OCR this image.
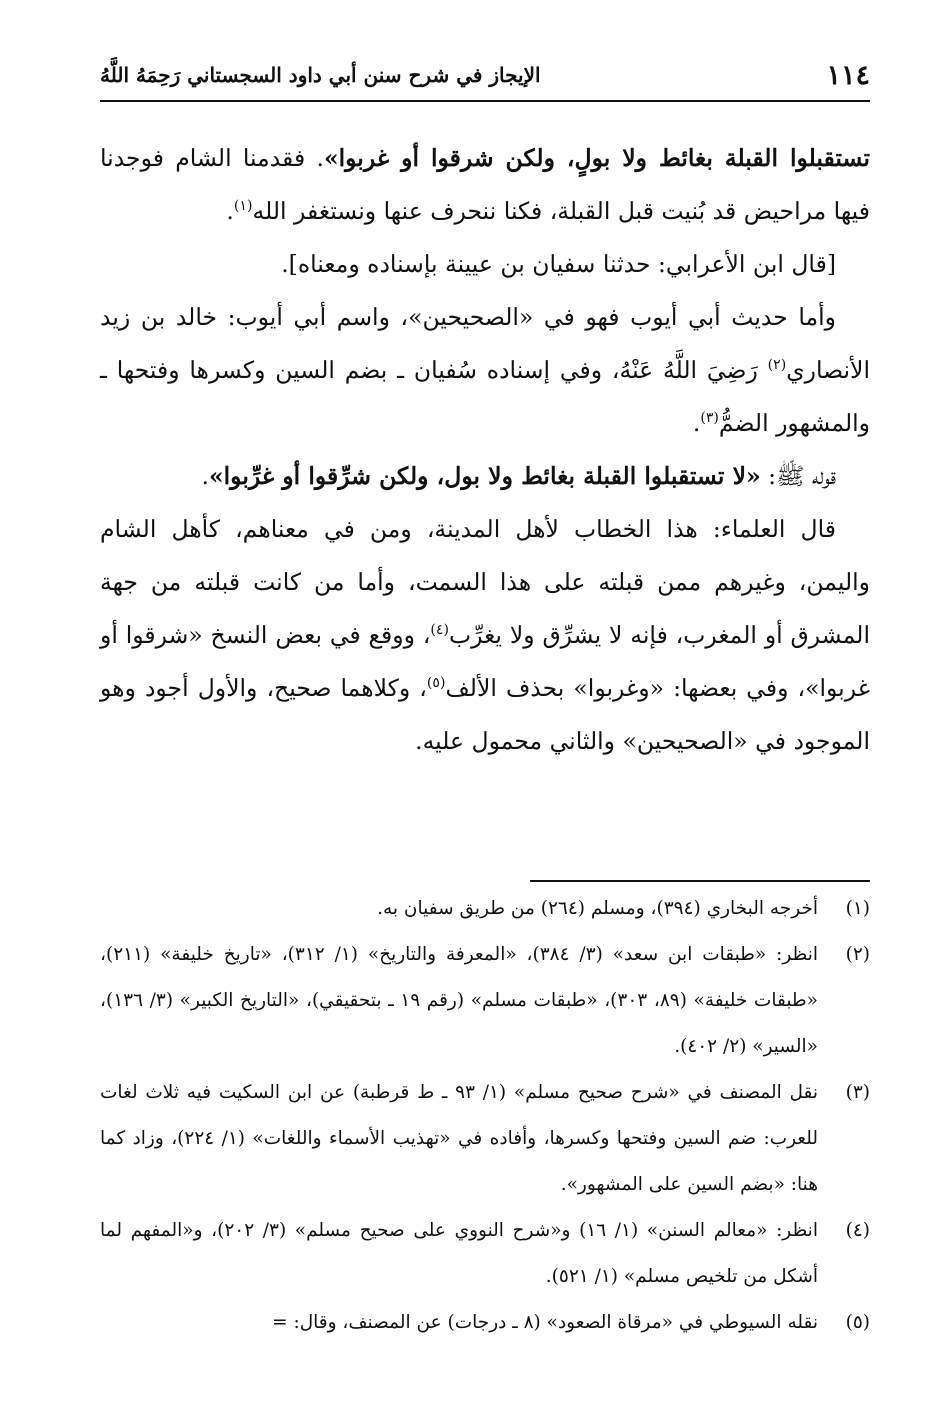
١١٤
الإيجاز في شرح سنن أبي داود السجستاني رَحِمَهُ اللَّهُ

تستقبلوا القبلة بغائط ولا بولٍ، ولكن شرقوا أو غربوا». فقدمنا الشام فوجدنا فيها مراحيض قد بُنيت قبل القبلة، فكنا ننحرف عنها ونستغفر الله$^{(١)}$.

[قال ابن الأعرابي: حدثنا سفيان بن عيينة بإسناده ومعناه].

وأما حديث أبي أيوب فهو في «الصحيحين»، واسم أبي أيوب: خالد بن زيد الأنصاري$^{(٢)}$ رَضِيَ اللَّهُ عَنْهُ، وفي إسناده سُفيان ـ بضم السين وكسرها وفتحها ـ والمشهور الضمُّ$^{(٣)}$.

قوله ﷺ: «لا تستقبلوا القبلة بغائط ولا بول، ولكن شرِّقوا أو غرِّبوا».

قال العلماء: هذا الخطاب لأهل المدينة، ومن في معناهم، كأهل الشام واليمن، وغيرهم ممن قبلته على هذا السمت، وأما من كانت قبلته من جهة المشرق أو المغرب، فإنه لا يشرِّق ولا يغرِّب$^{(٤)}$، ووقع في بعض النسخ «شرقوا أو غربوا»، وفي بعضها: «وغربوا» بحذف الألف$^{(٥)}$، وكلاهما صحيح، والأول أجود وهو الموجود في «الصحيحين» والثاني محمول عليه.

(١)
أخرجه البخاري (٣٩٤)، ومسلم (٢٦٤) من طريق سفيان به.
(٢)
انظر: «طبقات ابن سعد» (٣/ ٣٨٤)، «المعرفة والتاريخ» (١/ ٣١٢)، «تاريخ خليفة» (٢١١)، «طبقات خليفة» (٨٩، ٣٠٣)، «طبقات مسلم» (رقم ١٩ ـ بتحقيقي)، «التاريخ الكبير» (٣/ ١٣٦)، «السير» (٢/ ٤٠٢).
(٣)
نقل المصنف في «شرح صحيح مسلم» (١/ ٩٣ ـ ط قرطبة) عن ابن السكيت فيه ثلاث لغات للعرب: ضم السين وفتحها وكسرها، وأفاده في «تهذيب الأسماء واللغات» (١/ ٢٢٤)، وزاد كما هنا: «بضم السين على المشهور».
(٤)
انظر: «معالم السنن» (١/ ١٦) و«شرح النووي على صحيح مسلم» (٣/ ٢٠٢)، و«المفهم لما أشكل من تلخيص مسلم» (١/ ٥٢١).
(٥)
نقله السيوطي في «مرقاة الصعود» (٨ ـ درجات) عن المصنف، وقال: =
